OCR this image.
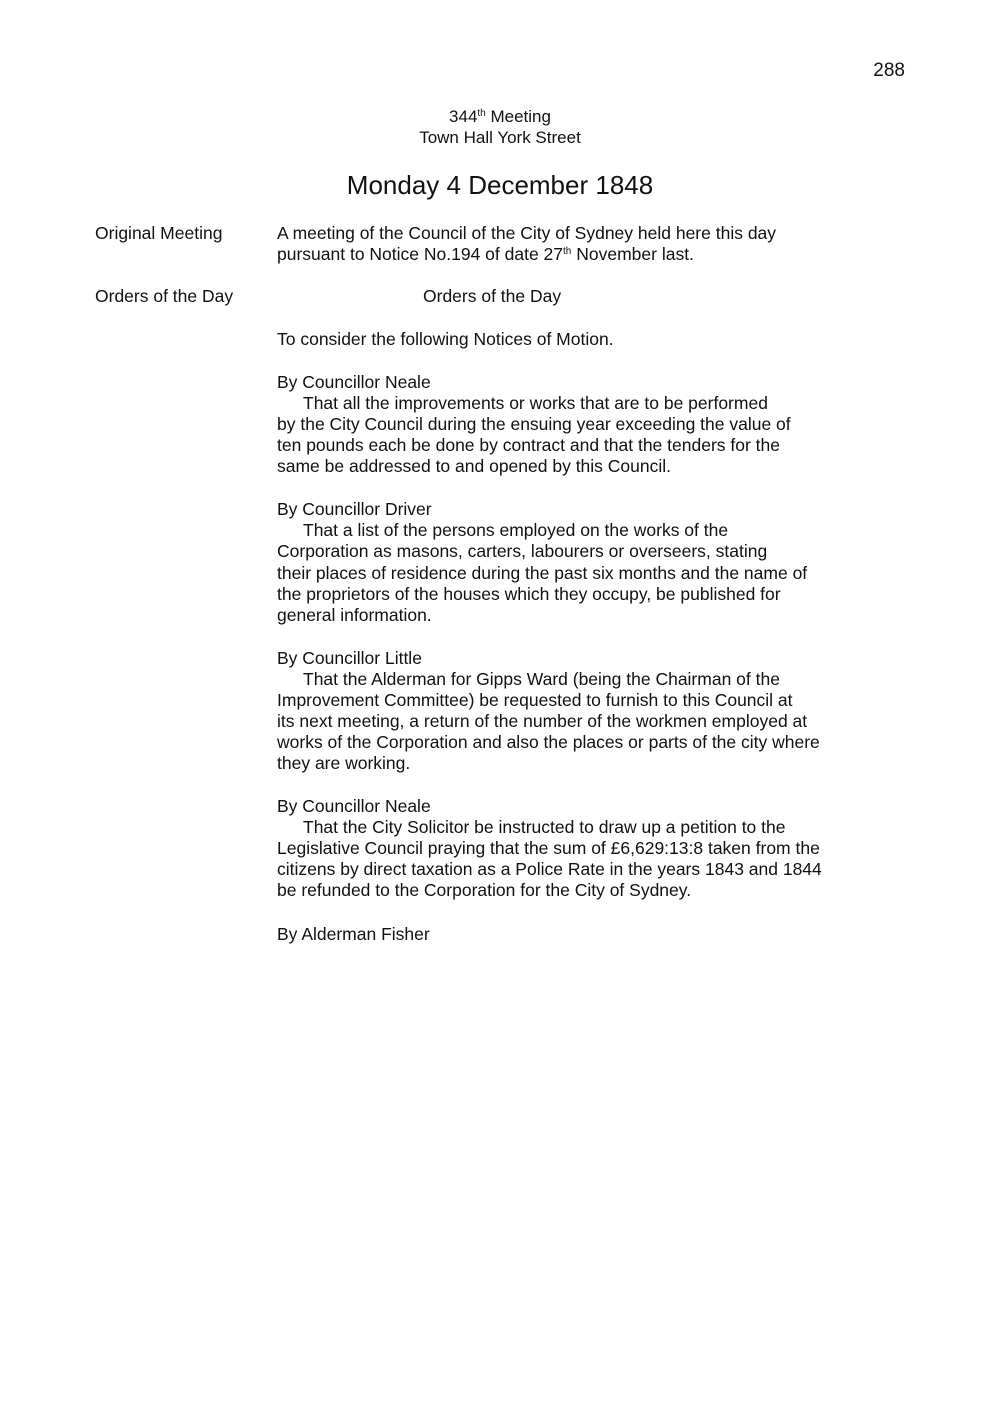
288
344th Meeting
Town Hall York Street
Monday 4 December 1848
Original Meeting	A meeting of the Council of the City of Sydney held here this day
pursuant to Notice No.194 of date 27th November last.
Orders of the Day	Orders of the Day
To consider the following Notices of Motion.
By Councillor Neale
That all the improvements or works that are to be performed
by the City Council during the ensuing year exceeding the value of
ten pounds each be done by contract and that the tenders for the
same be addressed to and opened by this Council.
By Councillor Driver
That a list of the persons employed on the works of the
Corporation as masons, carters, labourers or overseers, stating
their places of residence during the past six months and the name of
the proprietors of the houses which they occupy, be published for
general information.
By Councillor Little
That the Alderman for Gipps Ward (being the Chairman of the
Improvement Committee) be requested to furnish to this Council at
its next meeting, a return of the number of the workmen employed at
works of the Corporation and also the places or parts of the city where
they are working.
By Councillor Neale
That the City Solicitor be instructed to draw up a petition to the
Legislative Council praying that the sum of £6,629:13:8 taken from the
citizens by direct taxation as a Police Rate in the years 1843 and 1844
be refunded to the Corporation for the City of Sydney.
By Alderman Fisher
